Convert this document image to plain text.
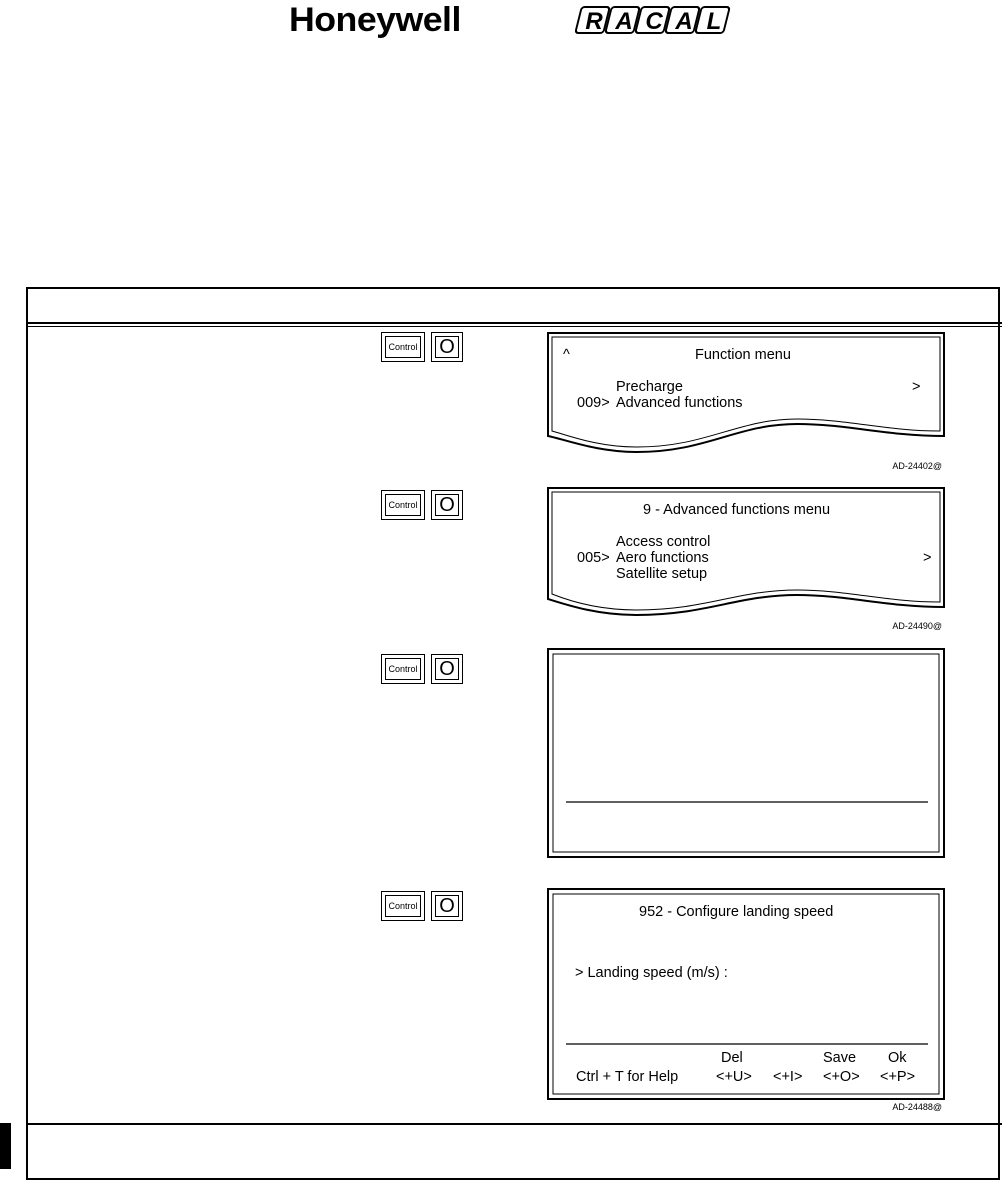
Honeywell	R A C A L
Control O
Control O
Control O
Control O
^	Function menu
Precharge	>
009> Advanced functions
AD-24402@
9 - Advanced functions menu
Access control
005> Aero functions	>
Satellite setup
AD-24490@
952 - Configure landing speed
> Landing speed (m/s) :
Del	Save Ok
Ctrl + T for Help	<+U> <+I> <+O> <+P>
AD-24488@
